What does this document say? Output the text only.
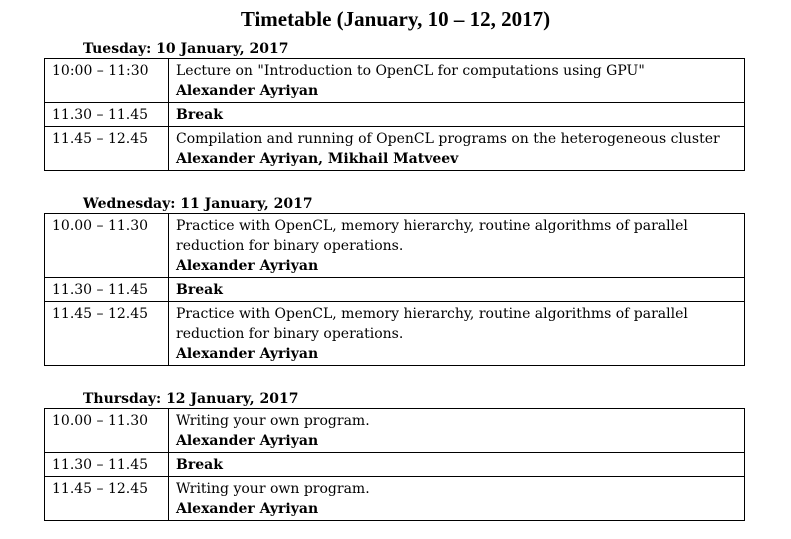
Timetable (January, 10 – 12, 2017)
Tuesday: 10 January, 2017
10:00 – 11:30	Lecture on "Introduction to OpenCL for computations using GPU"
Alexander Ayriyan

11.30 – 11.45	Break
11.45 – 12.45	Compilation and running of OpenCL programs on the heterogeneous cluster
Alexander Ayriyan, Mikhail Matveev
Wednesday: 11 January, 2017
10.00 – 11.30	Practice with OpenCL, memory hierarchy, routine algorithms of parallel
reduction for binary operations.
Alexander Ayriyan

11.30 – 11.45	Break
11.45 – 12.45	Practice with OpenCL, memory hierarchy, routine algorithms of parallel
reduction for binary operations.
Alexander Ayriyan
Thursday: 12 January, 2017
10.00 – 11.30	Writing your own program.
Alexander Ayriyan

11.30 – 11.45	Break
11.45 – 12.45	Writing your own program.
Alexander Ayriyan
